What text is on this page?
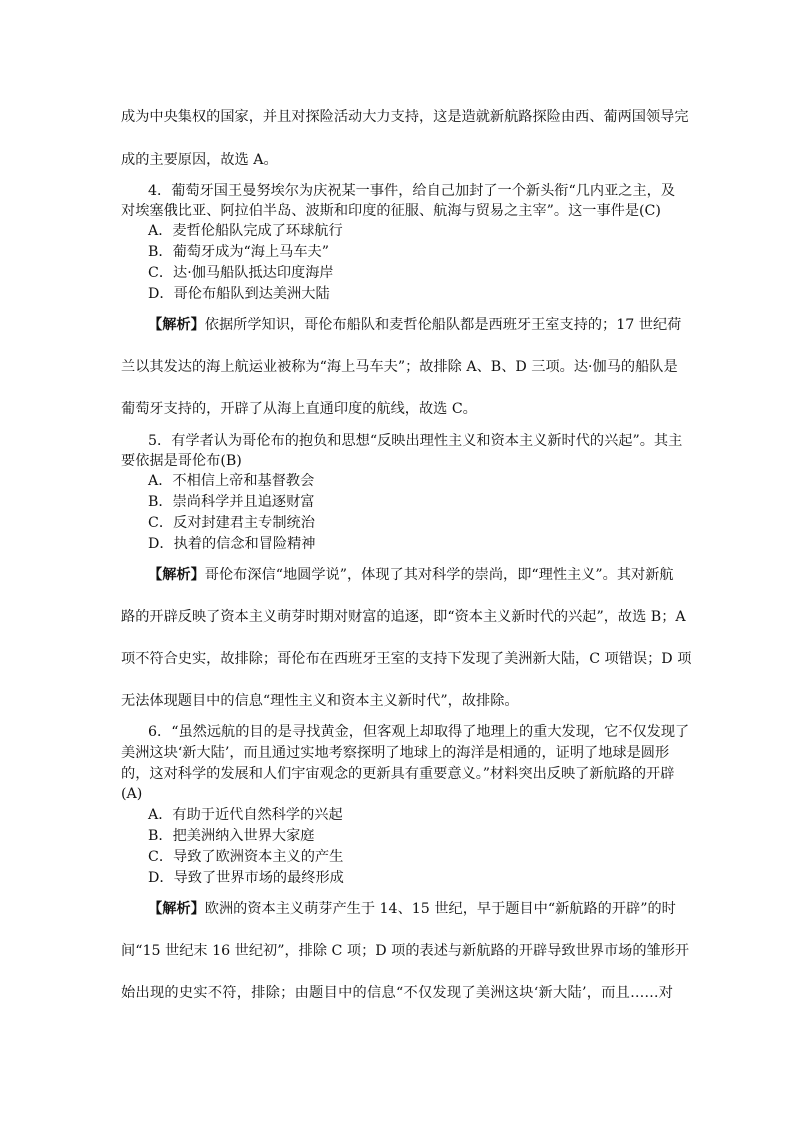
成为中央集权的国家，并且对探险活动大力支持，这是造就新航路探险由西、葡两国领导完
成的主要原因，故选 A。
4．葡萄牙国王曼努埃尔为庆祝某一事件，给自己加封了一个新头衔“几内亚之主，及
对埃塞俄比亚、阿拉伯半岛、波斯和印度的征服、航海与贸易之主宰”。这一事件是(C)
A．麦哲伦船队完成了环球航行
B．葡萄牙成为“海上马车夫”
C．达·伽马船队抵达印度海岸
D．哥伦布船队到达美洲大陆
【解析】依据所学知识，哥伦布船队和麦哲伦船队都是西班牙王室支持的；17 世纪荷
兰以其发达的海上航运业被称为“海上马车夫”；故排除 A、B、D 三项。达·伽马的船队是
葡萄牙支持的，开辟了从海上直通印度的航线，故选 C。
5．有学者认为哥伦布的抱负和思想“反映出理性主义和资本主义新时代的兴起”。其主
要依据是哥伦布(B)
A．不相信上帝和基督教会
B．崇尚科学并且追逐财富
C．反对封建君主专制统治
D．执着的信念和冒险精神
【解析】哥伦布深信“地圆学说”，体现了其对科学的崇尚，即“理性主义”。其对新航
路的开辟反映了资本主义萌芽时期对财富的追逐，即“资本主义新时代的兴起”，故选 B；A
项不符合史实，故排除；哥伦布在西班牙王室的支持下发现了美洲新大陆，C 项错误；D 项
无法体现题目中的信息“理性主义和资本主义新时代”，故排除。
6．“虽然远航的目的是寻找黄金，但客观上却取得了地理上的重大发现，它不仅发现了
美洲这块‘新大陆’，而且通过实地考察探明了地球上的海洋是相通的，证明了地球是圆形
的，这对科学的发展和人们宇宙观念的更新具有重要意义。”材料突出反映了新航路的开辟
(A)
A．有助于近代自然科学的兴起
B．把美洲纳入世界大家庭
C．导致了欧洲资本主义的产生
D．导致了世界市场的最终形成
【解析】欧洲的资本主义萌芽产生于 14、15 世纪，早于题目中“新航路的开辟”的时
间“15 世纪末 16 世纪初”，排除 C 项；D 项的表述与新航路的开辟导致世界市场的雏形开
始出现的史实不符，排除；由题目中的信息“不仅发现了美洲这块‘新大陆’，而且……对
